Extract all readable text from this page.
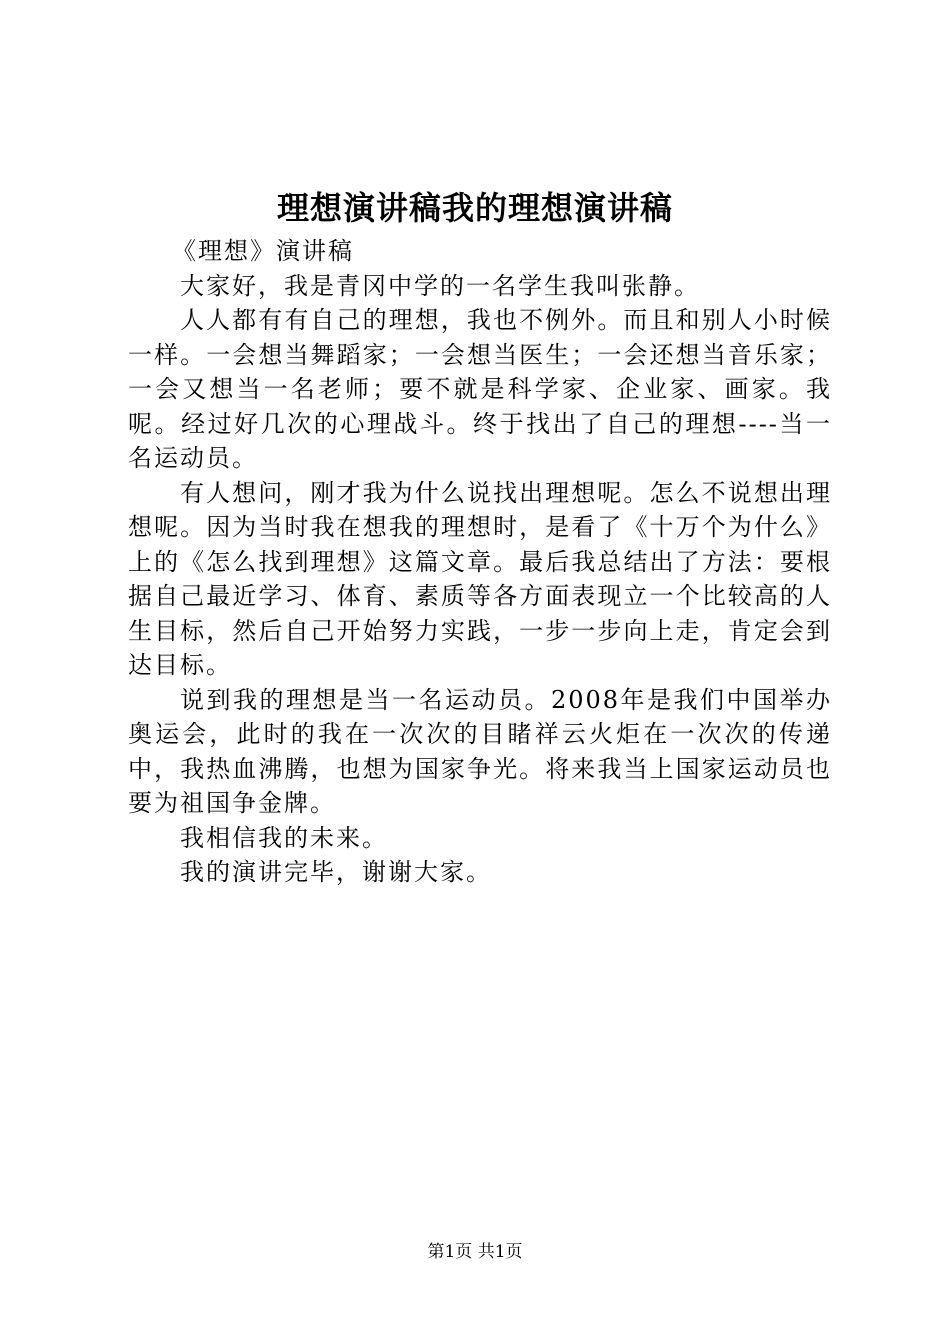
理想演讲稿我的理想演讲稿

《理想》演讲稿

大家好，我是青冈中学的一名学生我叫张静。

人人都有有自己的理想，我也不例外。而且和别人小时候一样。一会想当舞蹈家；一会想当医生；一会还想当音乐家；一会又想当一名老师；要不就是科学家、企业家、画家。我呢。经过好几次的心理战斗。终于找出了自己的理想----当一名运动员。

有人想问，刚才我为什么说找出理想呢。怎么不说想出理想呢。因为当时我在想我的理想时，是看了《十万个为什么》上的《怎么找到理想》这篇文章。最后我总结出了方法：要根据自己最近学习、体育、素质等各方面表现立一个比较高的人生目标，然后自己开始努力实践，一步一步向上走，肯定会到达目标。

说到我的理想是当一名运动员。2008年是我们中国举办奥运会，此时的我在一次次的目睹祥云火炬在一次次的传递中，我热血沸腾，也想为国家争光。将来我当上国家运动员也要为祖国争金牌。

我相信我的未来。

我的演讲完毕，谢谢大家。

第1页 共1页
